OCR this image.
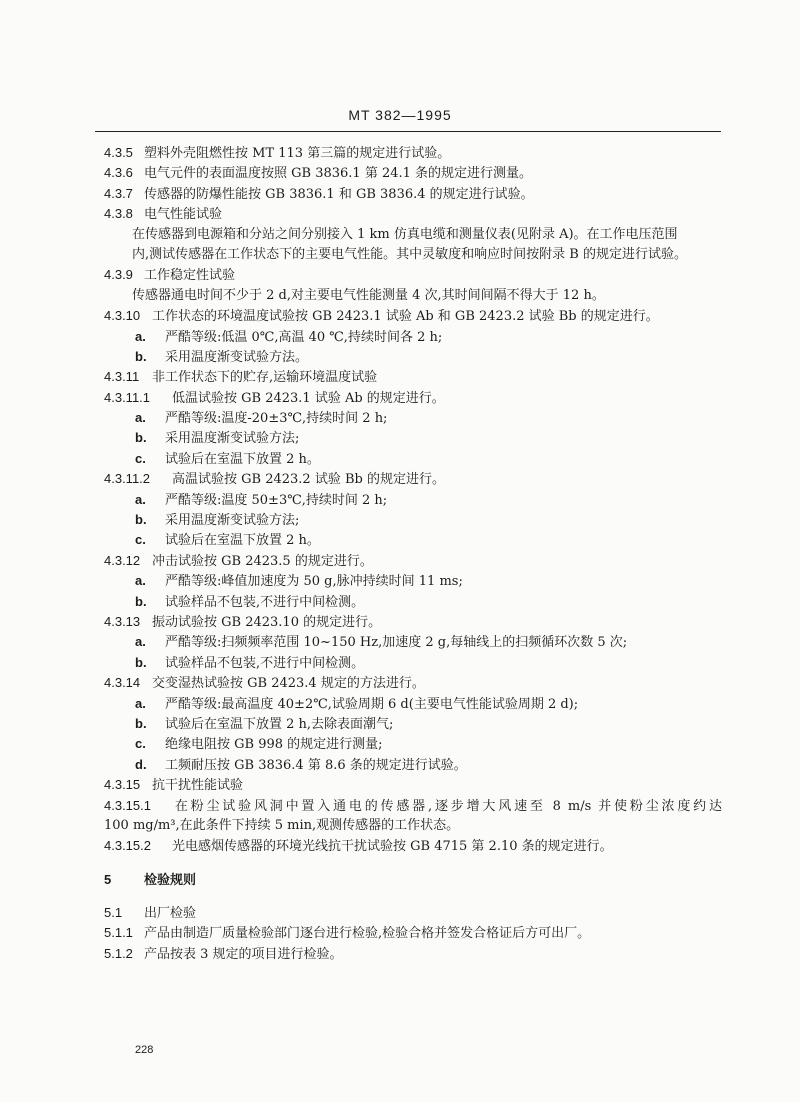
MT 382—1995
4.3.5 塑料外壳阻燃性按 MT 113 第三篇的规定进行试验。
4.3.6 电气元件的表面温度按照 GB 3836.1 第 24.1 条的规定进行测量。
4.3.7 传感器的防爆性能按 GB 3836.1 和 GB 3836.4 的规定进行试验。
4.3.8 电气性能试验
在传感器到电源箱和分站之间分别接入 1 km 仿真电缆和测量仪表(见附录 A)。在工作电压范围
内,测试传感器在工作状态下的主要电气性能。其中灵敏度和响应时间按附录 B 的规定进行试验。
4.3.9 工作稳定性试验
传感器通电时间不少于 2 d,对主要电气性能测量 4 次,其时间间隔不得大于 12 h。
4.3.10 工作状态的环境温度试验按 GB 2423.1 试验 Ab 和 GB 2423.2 试验 Bb 的规定进行。
a. 严酷等级:低温 0℃,高温 40 ℃,持续时间各 2 h;
b. 采用温度渐变试验方法。
4.3.11 非工作状态下的贮存,运输环境温度试验
4.3.11.1 低温试验按 GB 2423.1 试验 Ab 的规定进行。
a. 严酷等级:温度-20±3℃,持续时间 2 h;
b. 采用温度渐变试验方法;
c. 试验后在室温下放置 2 h。
4.3.11.2 高温试验按 GB 2423.2 试验 Bb 的规定进行。
a. 严酷等级:温度 50±3℃,持续时间 2 h;
b. 采用温度渐变试验方法;
c. 试验后在室温下放置 2 h。
4.3.12 冲击试验按 GB 2423.5 的规定进行。
a. 严酷等级:峰值加速度为 50 g,脉冲持续时间 11 ms;
b. 试验样品不包装,不进行中间检测。
4.3.13 振动试验按 GB 2423.10 的规定进行。
a. 严酷等级:扫频频率范围 10~150 Hz,加速度 2 g,每轴线上的扫频循环次数 5 次;
b. 试验样品不包装,不进行中间检测。
4.3.14 交变湿热试验按 GB 2423.4 规定的方法进行。
a. 严酷等级:最高温度 40±2℃,试验周期 6 d(主要电气性能试验周期 2 d);
b. 试验后在室温下放置 2 h,去除表面潮气;
c. 绝缘电阻按 GB 998 的规定进行测量;
d. 工频耐压按 GB 3836.4 第 8.6 条的规定进行试验。
4.3.15 抗干扰性能试验
4.3.15.1 在粉尘试验风洞中置入通电的传感器,逐步增大风速至 8 m/s 并使粉尘浓度约达
100 mg/m³,在此条件下持续 5 min,观测传感器的工作状态。
4.3.15.2 光电感烟传感器的环境光线抗干扰试验按 GB 4715 第 2.10 条的规定进行。
5	检验规则
5.1 出厂检验
5.1.1 产品由制造厂质量检验部门逐台进行检验,检验合格并签发合格证后方可出厂。
5.1.2 产品按表 3 规定的项目进行检验。
228
